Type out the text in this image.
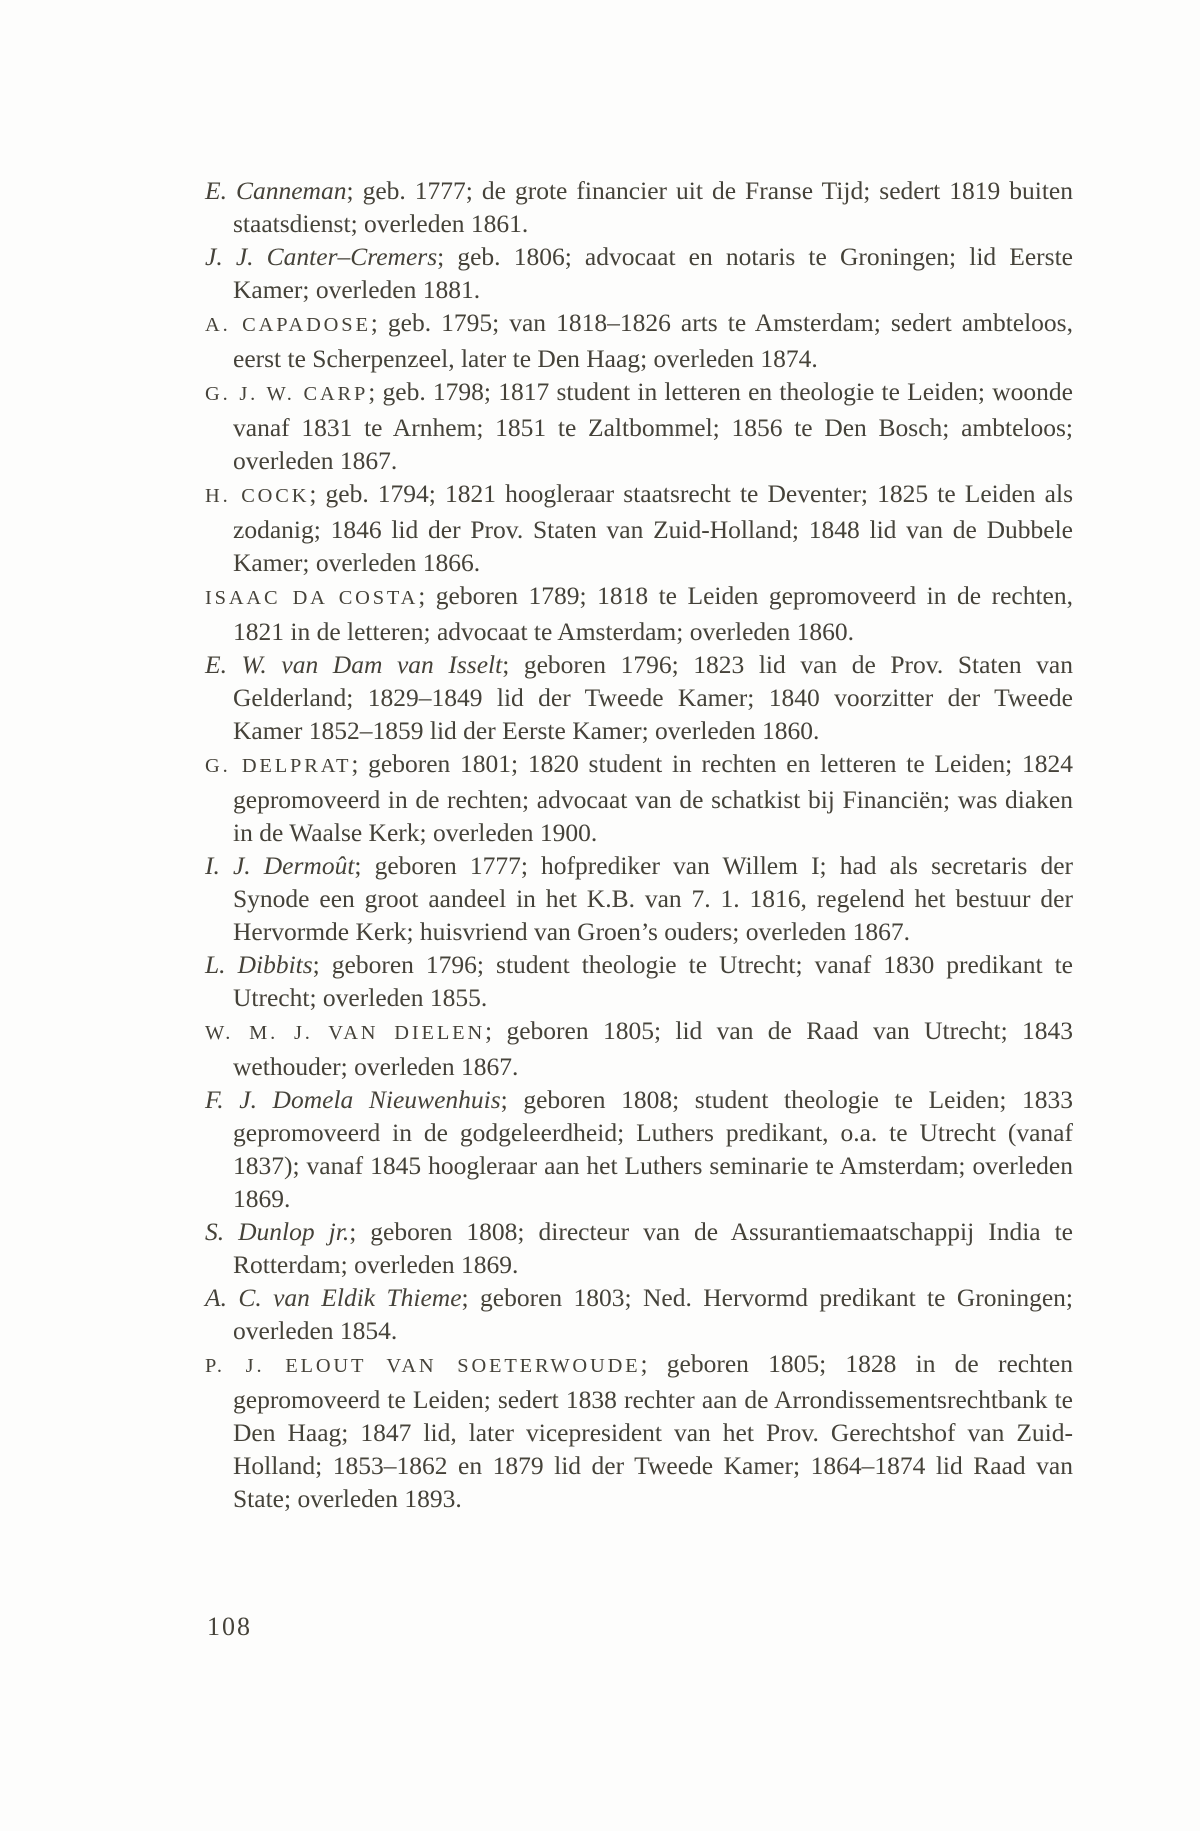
E. Canneman; geb. 1777; de grote financier uit de Franse Tijd; sedert 1819 buiten staatsdienst; overleden 1861.

J. J. Canter–Cremers; geb. 1806; advocaat en notaris te Groningen; lid Eerste Kamer; overleden 1881.

A. CAPADOSE; geb. 1795; van 1818–1826 arts te Amsterdam; sedert ambteloos, eerst te Scherpenzeel, later te Den Haag; overleden 1874.

G. J. W. CARP; geb. 1798; 1817 student in letteren en theologie te Leiden; woonde vanaf 1831 te Arnhem; 1851 te Zaltbommel; 1856 te Den Bosch; ambteloos; overleden 1867.

H. COCK; geb. 1794; 1821 hoogleraar staatsrecht te Deventer; 1825 te Leiden als zodanig; 1846 lid der Prov. Staten van Zuid-Holland; 1848 lid van de Dubbele Kamer; overleden 1866.

ISAAC DA COSTA; geboren 1789; 1818 te Leiden gepromoveerd in de rechten, 1821 in de letteren; advocaat te Amsterdam; overleden 1860.

E. W. van Dam van Isselt; geboren 1796; 1823 lid van de Prov. Staten van Gelderland; 1829–1849 lid der Tweede Kamer; 1840 voorzitter der Tweede Kamer 1852–1859 lid der Eerste Kamer; overleden 1860.

G. DELPRAT; geboren 1801; 1820 student in rechten en letteren te Leiden; 1824 gepromoveerd in de rechten; advocaat van de schatkist bij Financiën; was diaken in de Waalse Kerk; overleden 1900.

I. J. Dermoût; geboren 1777; hofprediker van Willem I; had als secretaris der Synode een groot aandeel in het K.B. van 7. 1. 1816, regelend het bestuur der Hervormde Kerk; huisvriend van Groen’s ouders; overleden 1867.

L. Dibbits; geboren 1796; student theologie te Utrecht; vanaf 1830 predikant te Utrecht; overleden 1855.

W. M. J. VAN DIELEN; geboren 1805; lid van de Raad van Utrecht; 1843 wethouder; overleden 1867.

F. J. Domela Nieuwenhuis; geboren 1808; student theologie te Leiden; 1833 gepromoveerd in de godgeleerdheid; Luthers predikant, o.a. te Utrecht (vanaf 1837); vanaf 1845 hoogleraar aan het Luthers seminarie te Amsterdam; overleden 1869.

S. Dunlop jr.; geboren 1808; directeur van de Assurantiemaatschappij India te Rotterdam; overleden 1869.

A. C. van Eldik Thieme; geboren 1803; Ned. Hervormd predikant te Groningen; overleden 1854.

P. J. ELOUT VAN SOETERWOUDE; geboren 1805; 1828 in de rechten gepromoveerd te Leiden; sedert 1838 rechter aan de Arrondissementsrechtbank te Den Haag; 1847 lid, later vicepresident van het Prov. Gerechtshof van Zuid-Holland; 1853–1862 en 1879 lid der Tweede Kamer; 1864–1874 lid Raad van State; overleden 1893.

108
